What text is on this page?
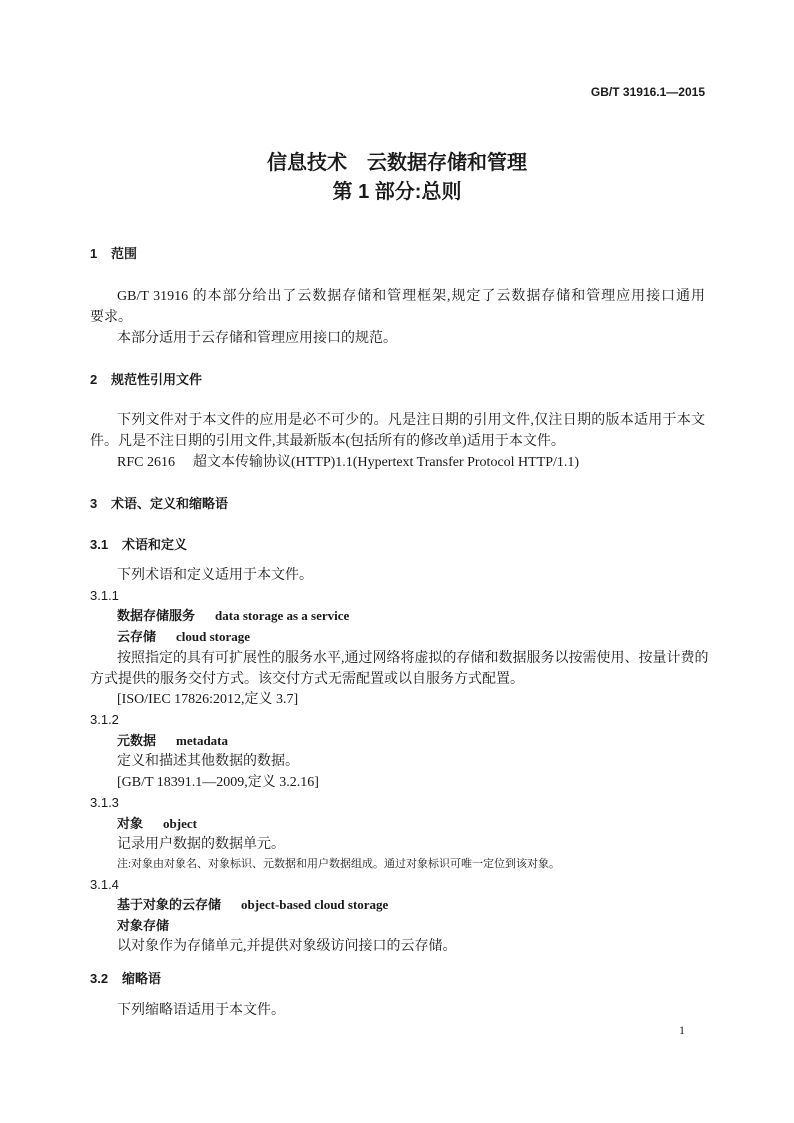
GB/T 31916.1—2015
信息技术　云数据存储和管理
第 1 部分:总则
1 范围
GB/T 31916 的本部分给出了云数据存储和管理框架,规定了云数据存储和管理应用接口通用
要求。
本部分适用于云存储和管理应用接口的规范。
2 规范性引用文件
下列文件对于本文件的应用是必不可少的。凡是注日期的引用文件,仅注日期的版本适用于本文
件。凡是不注日期的引用文件,其最新版本(包括所有的修改单)适用于本文件。
RFC 2616 超文本传输协议(HTTP)1.1(Hypertext Transfer Protocol HTTP/1.1)
3 术语、定义和缩略语
3.1 术语和定义
下列术语和定义适用于本文件。
3.1.1
数据存储服务 data storage as a service
云存储 cloud storage
按照指定的具有可扩展性的服务水平,通过网络将虚拟的存储和数据服务以按需使用、按量计费的
方式提供的服务交付方式。该交付方式无需配置或以自服务方式配置。
[ISO/IEC 17826:2012,定义 3.7]
3.1.2
元数据 metadata
定义和描述其他数据的数据。
[GB/T 18391.1—2009,定义 3.2.16]
3.1.3
对象 object
记录用户数据的数据单元。
注:对象由对象名、对象标识、元数据和用户数据组成。通过对象标识可唯一定位到该对象。
3.1.4
基于对象的云存储 object-based cloud storage
对象存储
以对象作为存储单元,并提供对象级访问接口的云存储。
3.2 缩略语
下列缩略语适用于本文件。
1
